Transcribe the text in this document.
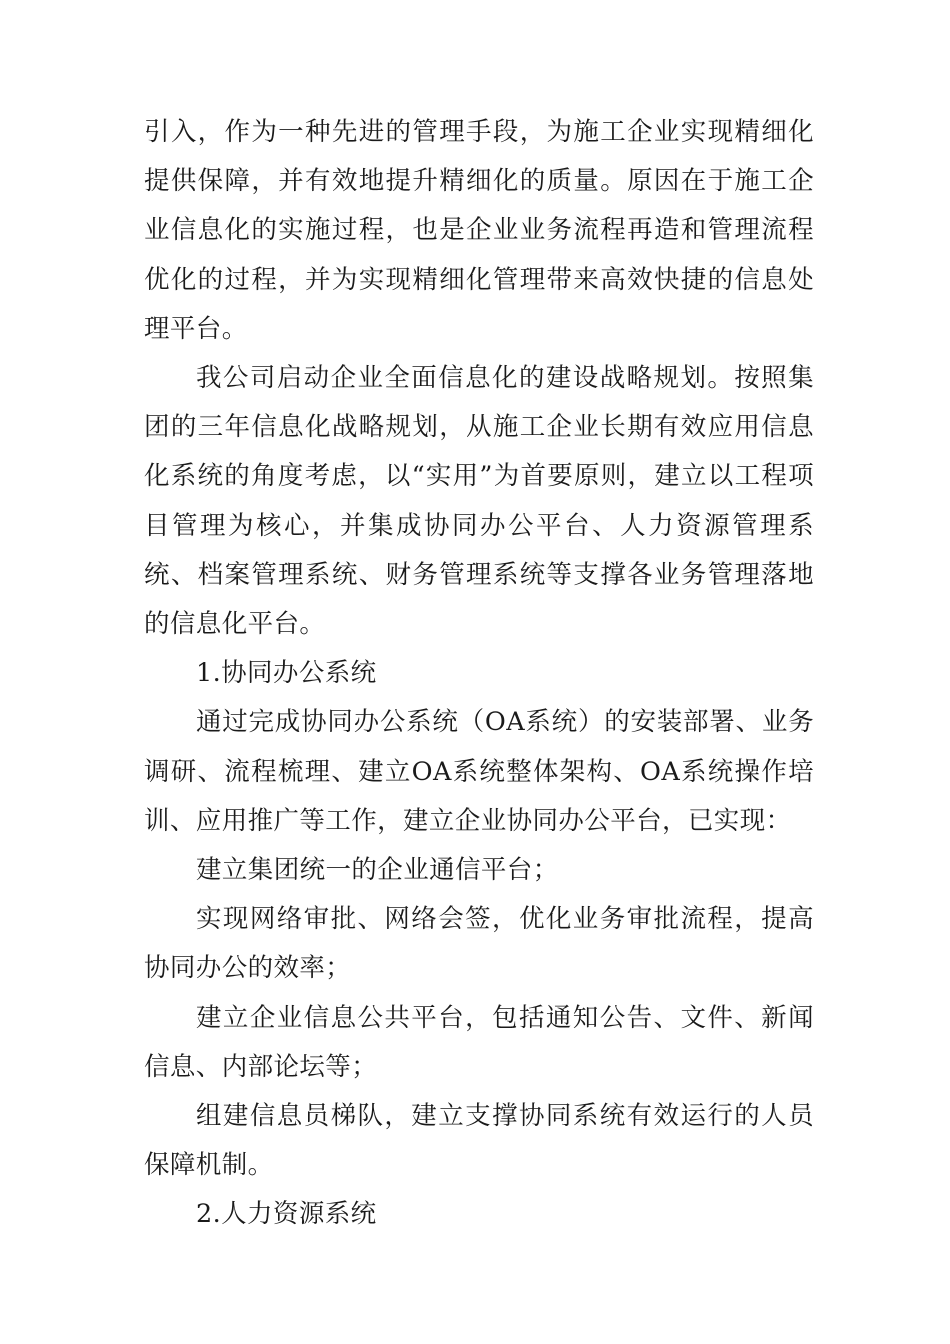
引入，作为一种先进的管理手段，为施工企业实现精细化提供保障，并有效地提升精细化的质量。原因在于施工企业信息化的实施过程，也是企业业务流程再造和管理流程优化的过程，并为实现精细化管理带来高效快捷的信息处理平台。

我公司启动企业全面信息化的建设战略规划。按照集团的三年信息化战略规划，从施工企业长期有效应用信息化系统的角度考虑，以“实用”为首要原则，建立以工程项目管理为核心，并集成协同办公平台、人力资源管理系统、档案管理系统、财务管理系统等支撑各业务管理落地的信息化平台。

1.协同办公系统

通过完成协同办公系统（OA系统）的安装部署、业务调研、流程梳理、建立OA系统整体架构、OA系统操作培训、应用推广等工作，建立企业协同办公平台，已实现：

建立集团统一的企业通信平台；

实现网络审批、网络会签，优化业务审批流程，提高协同办公的效率；

建立企业信息公共平台，包括通知公告、文件、新闻信息、内部论坛等；

组建信息员梯队，建立支撑协同系统有效运行的人员保障机制。

2.人力资源系统
